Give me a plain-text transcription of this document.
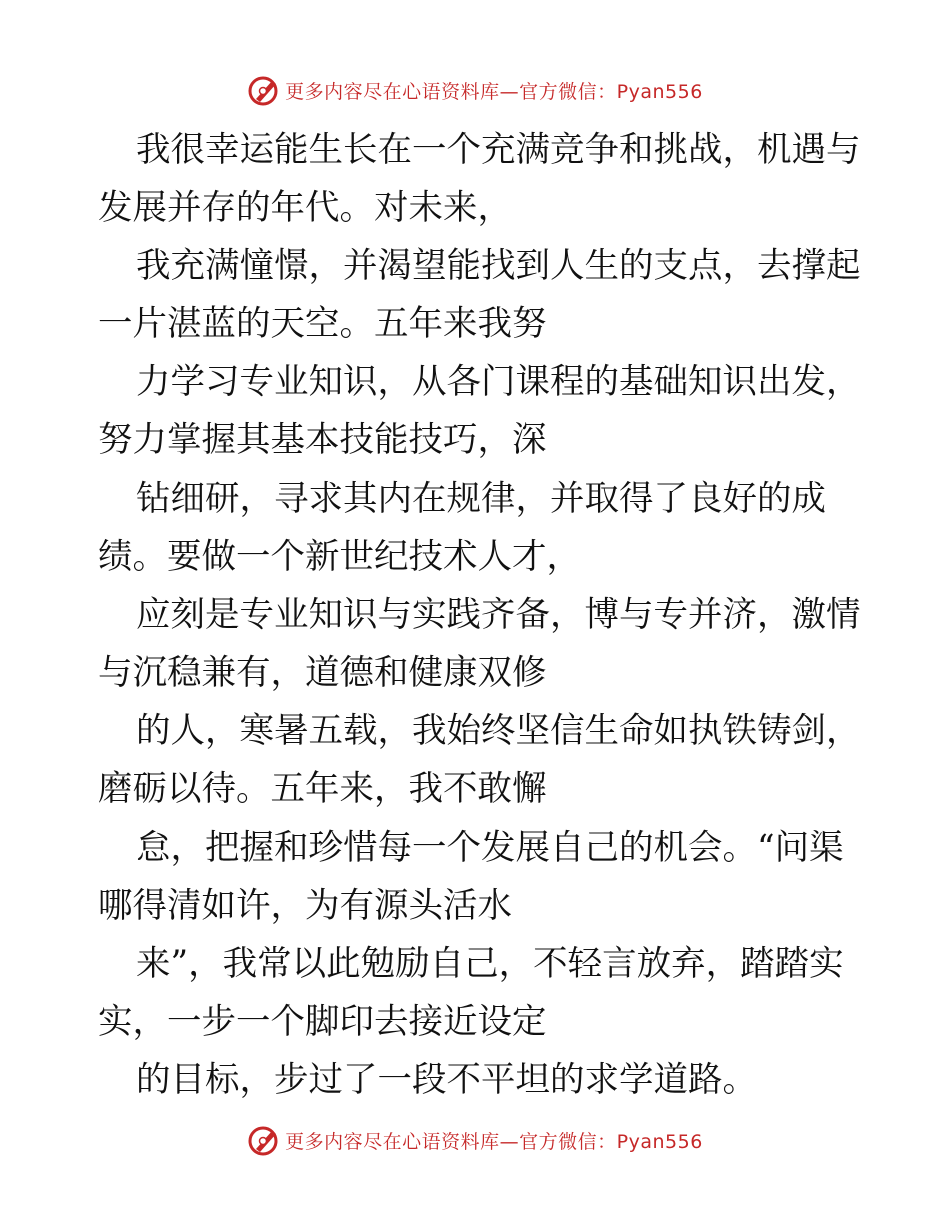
更多内容尽在心语资料库—官方微信：Pyan556

我很幸运能生长在一个充满竞争和挑战，机遇与

发展并存的年代。对未来，

我充满憧憬，并渴望能找到人生的支点，去撑起

一片湛蓝的天空。五年来我努

力学习专业知识，从各门课程的基础知识出发，

努力掌握其基本技能技巧，深

钻细研，寻求其内在规律，并取得了良好的成

绩。要做一个新世纪技术人才，

应刻是专业知识与实践齐备，博与专并济，激情

与沉稳兼有，道德和健康双修

的人，寒暑五载，我始终坚信生命如执铁铸剑，

磨砺以待。五年来，我不敢懈

怠，把握和珍惜每一个发展自己的机会。“问渠

哪得清如许，为有源头活水

来”，我常以此勉励自己，不轻言放弃，踏踏实

实，一步一个脚印去接近设定

的目标，步过了一段不平坦的求学道路。

更多内容尽在心语资料库—官方微信：Pyan556
